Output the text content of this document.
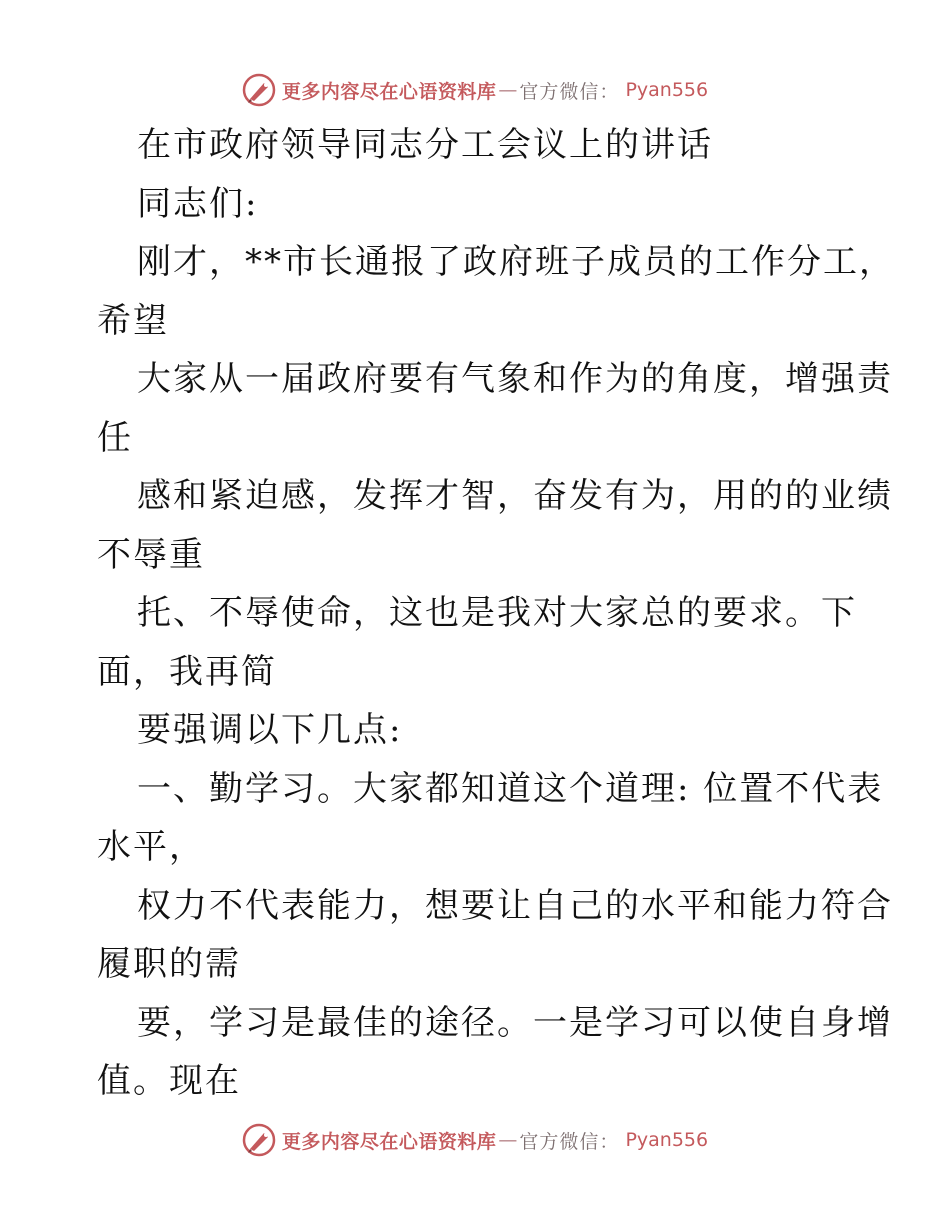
更多内容尽在心语资料库 — 官方微信： Pyan556
在市政府领导同志分工会议上的讲话
同志们:
刚才，**市长通报了政府班子成员的工作分工，
希望
大家从一届政府要有气象和作为的角度，增强责
任
感和紧迫感，发挥才智，奋发有为，用的的业绩
不辱重
托、不辱使命，这也是我对大家总的要求。下
面，我再简
要强调以下几点:
一、勤学习。大家都知道这个道理: 位置不代表
水平，
权力不代表能力，想要让自己的水平和能力符合
履职的需
要，学习是最佳的途径。一是学习可以使自身增
值。现在
更多内容尽在心语资料库 — 官方微信： Pyan556
